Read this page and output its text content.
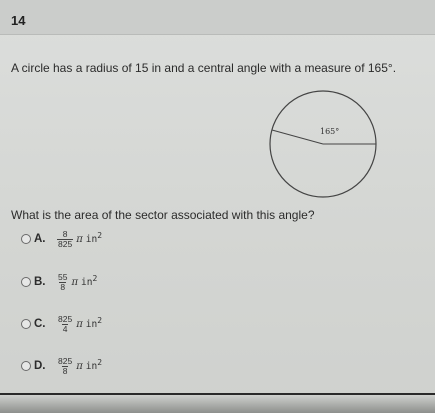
14
A circle has a radius of 15 in and a central angle with a measure of 165°.
165°
What is the area of the sector associated with this angle?
A. $\frac{8}{825}$ π in 2
B. $\frac{55}{8}$ π in 2
C. $\frac{825}{4}$ π in 2
D. $\frac{825}{8}$ π in 2
